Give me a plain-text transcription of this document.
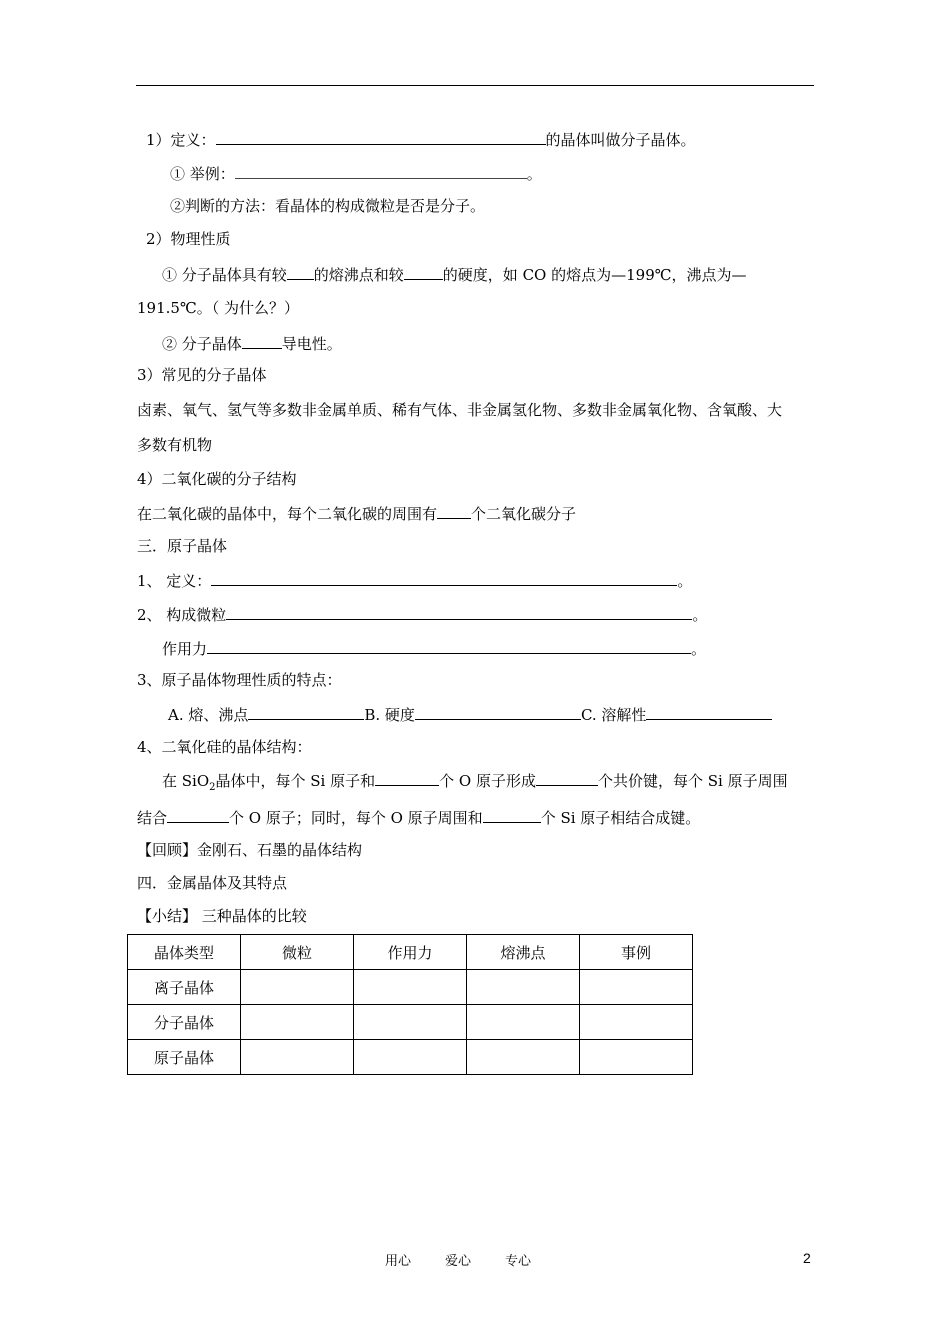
1）定义：	的晶体叫做分子晶体。
① 举例：	。
②判断的方法：看晶体的构成微粒是否是分子。
2）物理性质
① 分子晶体具有较 的熔沸点和较	的硬度，如 CO 的熔点为—199℃，沸点为—
191.5℃。（ 为什么？）
② 分子晶体	导电性。
3）常见的分子晶体
卤素、氧气、氢气等多数非金属单质、稀有气体、非金属氢化物、多数非金属氧化物、含氧酸、大
多数有机物
4）二氧化碳的分子结构
在二氧化碳的晶体中，每个二氧化碳的周围有 个二氧化碳分子
三．原子晶体
1、 定义：	。
2、 构成微粒	。
作用力	。
3、原子晶体物理性质的特点：
A. 熔、沸点	B. 硬度	C. 溶解性
4、二氧化硅的晶体结构：
在 SiO$_2$晶体中，每个 Si 原子和	个 O 原子形成	个共价键，每个 Si 原子周围
结合	个 O 原子；同时，每个 O 原子周围和	个 Si 原子相结合成键。
【回顾】金刚石、石墨的晶体结构
四．金属晶体及其特点
【小结】 三种晶体的比较
晶体类型	微粒	作用力	熔沸点	事例
离子晶体				
分子晶体				
原子晶体				
用心	爱心	专心	2
